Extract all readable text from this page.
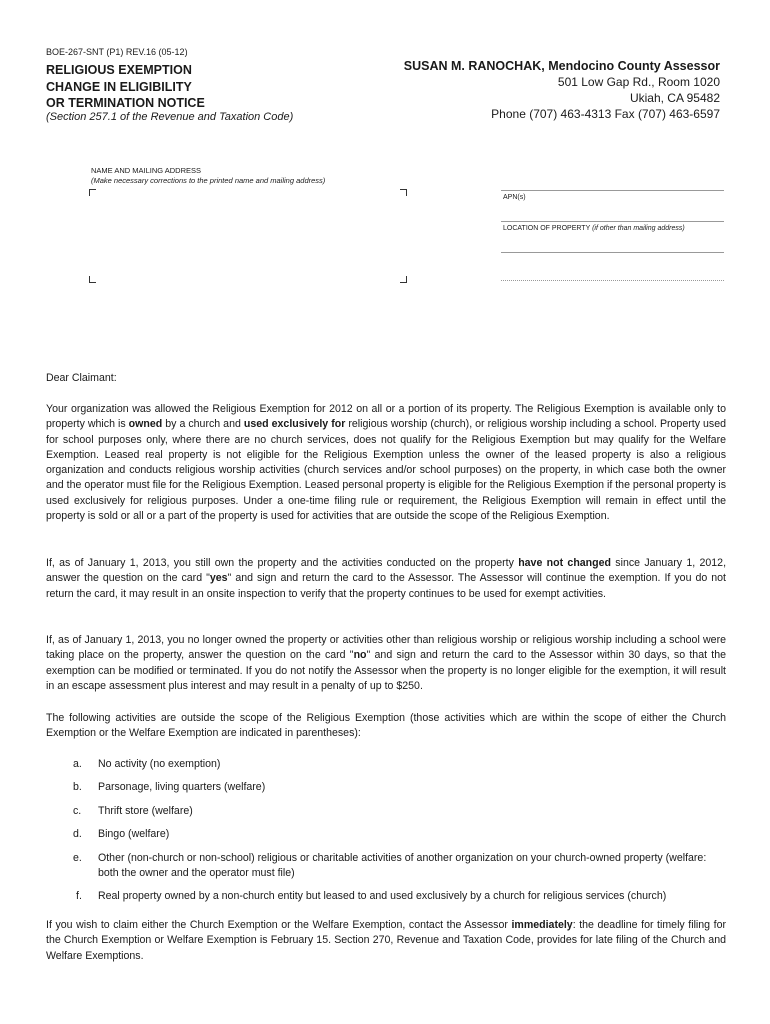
BOE-267-SNT (P1) REV.16 (05-12)
RELIGIOUS EXEMPTION
CHANGE IN ELIGIBILITY
OR TERMINATION NOTICE
(Section 257.1 of the Revenue and Taxation Code)
SUSAN M. RANOCHAK, Mendocino County Assessor
501 Low Gap Rd., Room 1020
Ukiah, CA 95482
Phone (707) 463-4313 Fax (707) 463-6597
NAME AND MAILING ADDRESS
(Make necessary corrections to the printed name and mailing address)
APN(s)
LOCATION OF PROPERTY (if other than mailing address)
Dear Claimant:

Your organization was allowed the Religious Exemption for 2012 on all or a portion of its property. The Religious Exemption is available only to property which is owned by a church and used exclusively for religious worship (church), or religious worship including a school. Property used for school purposes only, where there are no church services, does not qualify for the Religious Exemption but may qualify for the Welfare Exemption. Leased real property is not eligible for the Religious Exemption unless the owner of the leased property is also a religious organization and conducts religious worship activities (church services and/or school purposes) on the property, in which case both the owner and the operator must file for the Religious Exemption. Leased personal property is eligible for the Religious Exemption if the personal property is used exclusively for religious purposes. Under a one-time filing rule or requirement, the Religious Exemption will remain in effect until the property is sold or all or a part of the property is used for activities that are outside the scope of the Religious Exemption.

If, as of January 1, 2013, you still own the property and the activities conducted on the property have not changed since January 1, 2012, answer the question on the card "yes" and sign and return the card to the Assessor. The Assessor will continue the exemption. If you do not return the card, it may result in an onsite inspection to verify that the property continues to be used for exempt activities.

If, as of January 1, 2013, you no longer owned the property or activities other than religious worship or religious worship including a school were taking place on the property, answer the question on the card "no" and sign and return the card to the Assessor within 30 days, so that the exemption can be modified or terminated. If you do not notify the Assessor when the property is no longer eligible for the exemption, it will result in an escape assessment plus interest and may result in a penalty of up to $250.

The following activities are outside the scope of the Religious Exemption (those activities which are within the scope of either the Church Exemption or the Welfare Exemption are indicated in parentheses):
a. No activity (no exemption)
b. Parsonage, living quarters (welfare)
c.	Thrift store (welfare)
d. Bingo (welfare)
e. Other (non-church or non-school) religious or charitable activities of another organization on your church-owned property (welfare: both the owner and the operator must file)
f.	Real property owned by a non-church entity but leased to and used exclusively by a church for religious services (church)

If you wish to claim either the Church Exemption or the Welfare Exemption, contact the Assessor immediately: the deadline for timely filing for the Church Exemption or Welfare Exemption is February 15. Section 270, Revenue and Taxation Code, provides for late filing of the Church and Welfare Exemptions.
